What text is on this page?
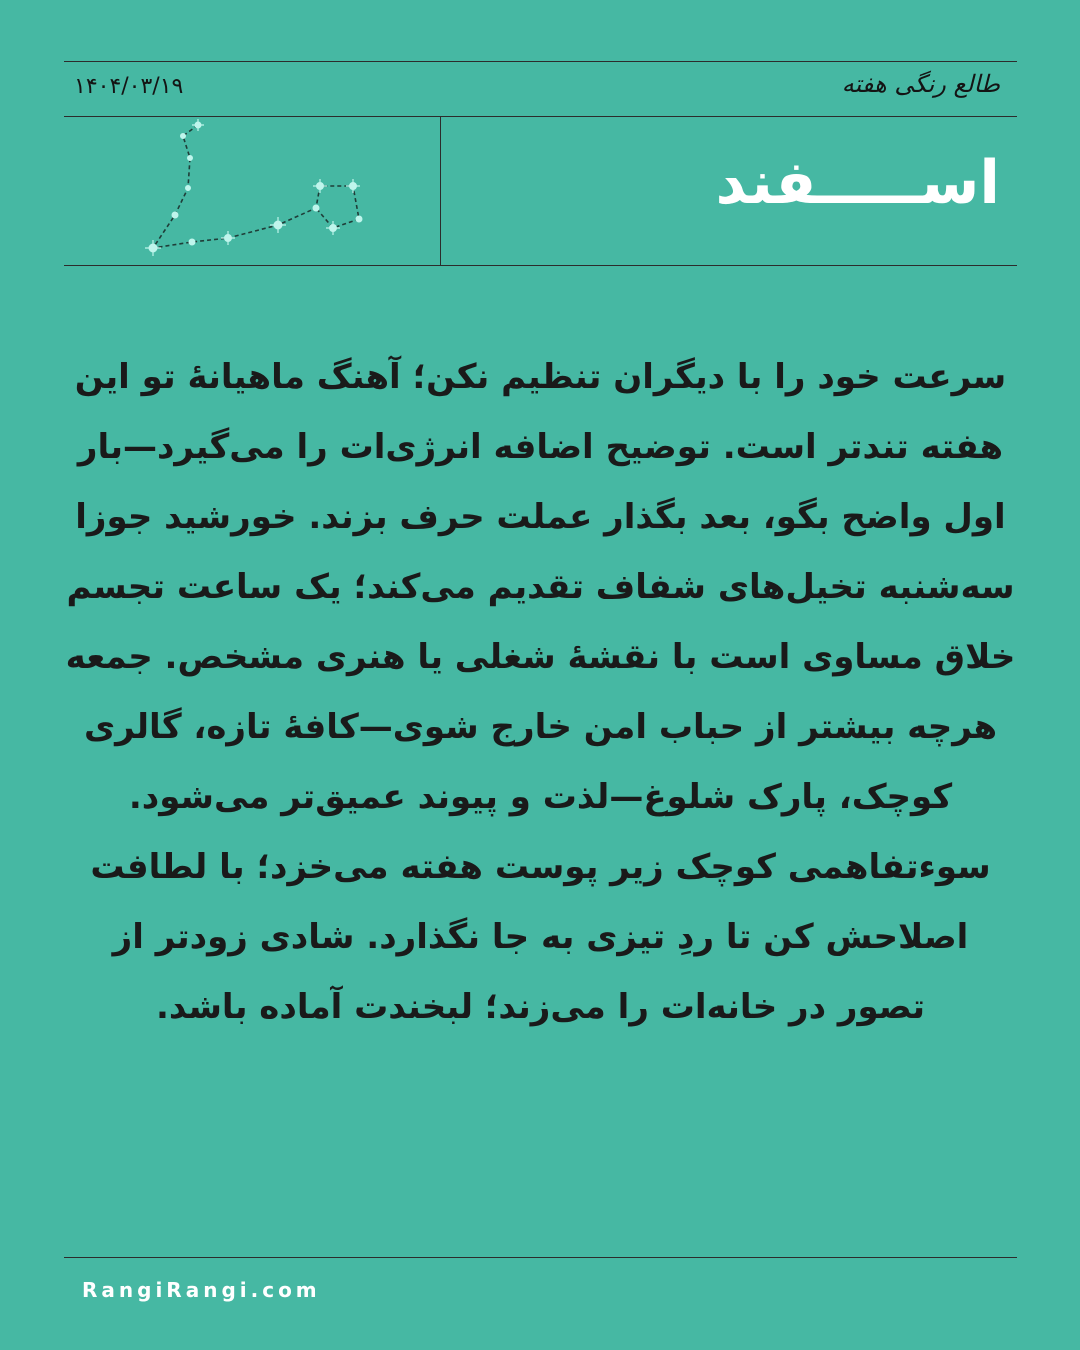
طالع رنگی هفته
۱۴۰۴/۰۳/۱۹
اســـــفند
سرعت خود را با دیگران تنظیم نکن؛ آهنگ ماهیانهٔ تو این هفته تندتر است. توضیح اضافه انرژی‌ات را می‌گیرد—بار اول واضح بگو، بعد بگذار عملت حرف بزند. خورشید جوزا سه‌شنبه تخیل‌های شفاف تقدیم می‌کند؛ یک ساعت تجسم خلاق مساوی است با نقشهٔ شغلی یا هنری مشخص. جمعه هرچه بیشتر از حباب امن خارج شوی—کافهٔ تازه، گالری کوچک، پارک شلوغ—لذت و پیوند عمیق‌تر می‌شود. سوءتفاهمی کوچک زیر پوست هفته می‌خزد؛ با لطافت اصلاحش کن تا ردِ تیزی به جا نگذارد. شادی زودتر از تصور در خانه‌ات را می‌زند؛ لبخندت آماده باشد.
RangiRangi.com
